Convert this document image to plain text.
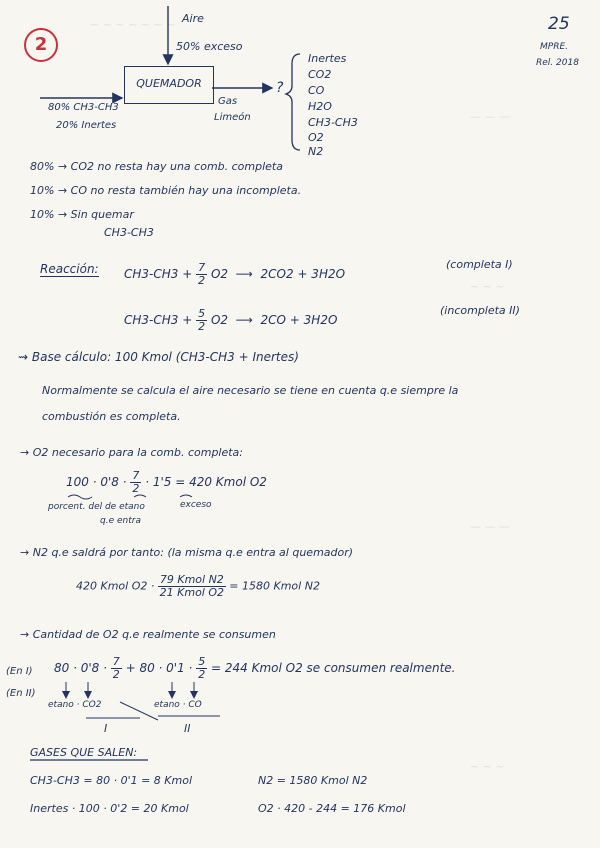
~ ~ ~ ~ ~ ~ ~
— — —
~ ~ ~
— — —
~ ~ ~
2
25
MPRE.
Rel. 2018
Aire
50% exceso
QUEMADOR
80% CH3-CH3
20% Inertes
Gas
Limeón
?
Inertes
CO2
CO
H2O
CH3-CH3
O2
N2
80% → CO2 no resta hay una comb. completa
10% → CO no resta también hay una incompleta.
10% → Sin quemar
CH3-CH3
Reacción: $CH3-CH3 + \frac{7}{2} O2$  ⟶  2CO2 + 3H2O
(completa I)
$CH3-CH3 + \frac{5}{2} O2$  ⟶  2CO + 3H2O
(incompleta II)
⇝ Base cálculo: 100 Kmol (CH3-CH3 + Inertes)
Normalmente se calcula el aire necesario se tiene en cuenta q.e siempre la
combustión es completa.
→ O2 necesario para la comb. completa:
$100 \cdot 0'8 \cdot \frac{7}{2} \cdot 1'5 = 420$ Kmol O2
porcent. del de etano
q.e entra
exceso
→ N2 q.e saldrá por tanto: (la misma q.e entra al quemador)
420 Kmol $O2 \cdot \frac{\text{79 Kmol N2}}{\text{21 Kmol O2}} = 1580$ Kmol N2
→ Cantidad de O2 q.e realmente se consumen
(En I)
(En II)
$80 \cdot 0'8 \cdot \frac{7}{2} + 80 \cdot 0'1 \cdot \frac{5}{2} = 244$ Kmol O2 se consumen realmente.
etano · CO2	etano · CO
I	II
GASES QUE SALEN:
CH3-CH3 = 80 · 0'1 = 8 Kmol	N2 = 1580 Kmol N2
Inertes · 100 · 0'2 = 20 Kmol	O2 · 420 - 244 = 176 Kmol
